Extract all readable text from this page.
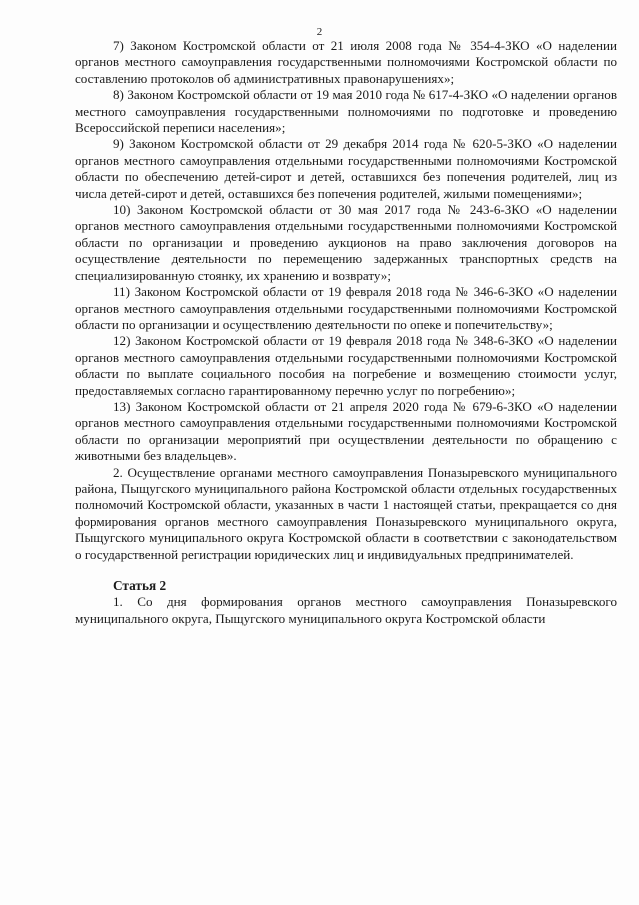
2

7) Законом Костромской области от 21 июля 2008 года № 354-4-ЗКО «О наделении органов местного самоуправления государственными полномочиями Костромской области по составлению протоколов об административных правонарушениях»;

8) Законом Костромской области от 19 мая 2010 года № 617-4-ЗКО «О наделении органов местного самоуправления государственными полномочиями по подготовке и проведению Всероссийской переписи населения»;

9) Законом Костромской области от 29 декабря 2014 года № 620-5-ЗКО «О наделении органов местного самоуправления отдельными государственными полномочиями Костромской области по обеспечению детей-сирот и детей, оставшихся без попечения родителей, лиц из числа детей-сирот и детей, оставшихся без попечения родителей, жилыми помещениями»;

10) Законом Костромской области от 30 мая 2017 года № 243-6-ЗКО «О наделении органов местного самоуправления отдельными государственными полномочиями Костромской области по организации и проведению аукционов на право заключения договоров на осуществление деятельности по перемещению задержанных транспортных средств на специализированную стоянку, их хранению и возврату»;

11) Законом Костромской области от 19 февраля 2018 года № 346-6-ЗКО «О наделении органов местного самоуправления отдельными государственными полномочиями Костромской области по организации и осуществлению деятельности по опеке и попечительству»;

12) Законом Костромской области от 19 февраля 2018 года № 348-6-ЗКО «О наделении органов местного самоуправления отдельными государственными полномочиями Костромской области по выплате социального пособия на погребение и возмещению стоимости услуг, предоставляемых согласно гарантированному перечню услуг по погребению»;

13) Законом Костромской области от 21 апреля 2020 года № 679-6-ЗКО «О наделении органов местного самоуправления отдельными государственными полномочиями Костромской области по организации мероприятий при осуществлении деятельности по обращению с животными без владельцев».

2. Осуществление органами местного самоуправления Поназыревского муниципального района, Пыщугского муниципального района Костромской области отдельных государственных полномочий Костромской области, указанных в части 1 настоящей статьи, прекращается со дня формирования органов местного самоуправления Поназыревского муниципального округа, Пыщугского муниципального округа Костромской области в соответствии с законодательством о государственной регистрации юридических лиц и индивидуальных предпринимателей.

Статья 2

1. Со дня формирования органов местного самоуправления Поназыревского муниципального округа, Пыщугского муниципального округа Костромской области
